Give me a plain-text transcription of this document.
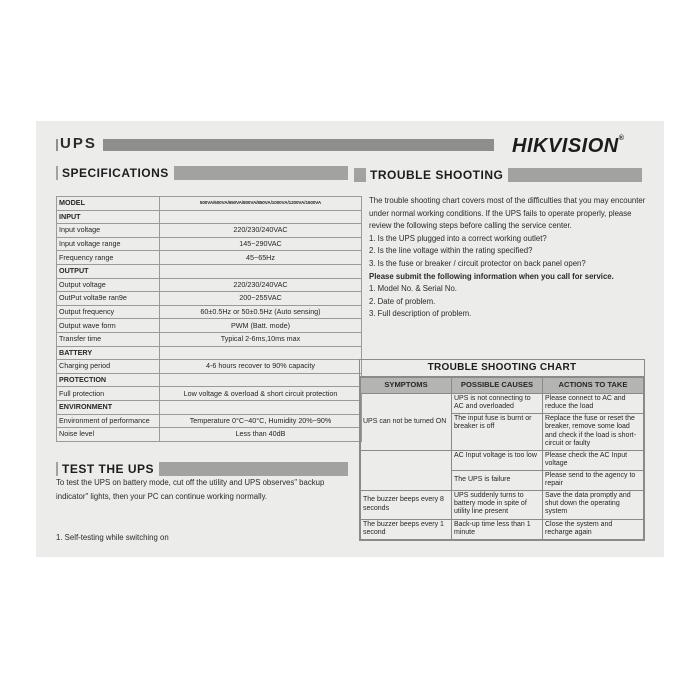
UPS	HIKVISION®
SPECIFICATIONS
MODEL	500VA/600VA/650VA/800VA/850VA/1000VA/1200VA/1500VA
INPUT	
Input voltage	220/230/240VAC
Input voltage range	145~290VAC
Frequency range	45~65Hz
OUTPUT	
Output voltage	220/230/240VAC
OutPut volta9e ran9e	200~255VAC
Output frequency	60±0.5Hz or 50±0.5Hz (Auto sensing)
Output wave form	PWM (Batt. mode)
Transfer time	Typical 2-6ms,10ms max
BATTERY	
Charging period	4-6 hours recover to 90% capacity
PROTECTION	
Full protection	Low voltage & overload & short circuit protection
ENVIRONMENT	
Environment of performance	Temperature 0°C~40°C, Humidity 20%~90%
Noise level	Less than 40dB
TEST THE UPS
To test the UPS on battery mode, cut off the utility and UPS observes" backup indicator" lights, then your PC can continue working normally.
1. Self-testing while switching on
TROUBLE SHOOTING

The trouble shooting chart covers most of the difficulties that you may encounter under normal working conditions. If the UPS fails to operate properly, please review the following steps before calling the service center.

1. Is the UPS plugged into a correct working outlet?

2. Is the line voltage within the rating specified?

3. Is the fuse or breaker / circuit protector on back panel open?

Please submit the following information when you call for service.

1. Model No. & Serial No.

2. Date of problem.

3. Full description of problem.

TROUBLE SHOOTING CHART
SYMPTOMS	POSSIBLE CAUSES	ACTIONS TO TAKE
UPS can not be turned ON	UPS is not connecting to AC and overloaded	Please connect to AC and reduce the load
	The input fuse is burnt or breaker is off	Replace the fuse or reset the breaker, remove some load and check if the load is short-circuit or faulty
	AC Input voltage is too low	Please check the AC Input voltage
	The UPS is failure	Please send to the agency to repair
The buzzer beeps every 8 seconds	UPS suddenly turns to battery mode in spite of utility line present	Save the data promptly and shut down the operating system
The buzzer beeps every 1 second	Back-up time less than 1 minute	Close the system and recharge again
